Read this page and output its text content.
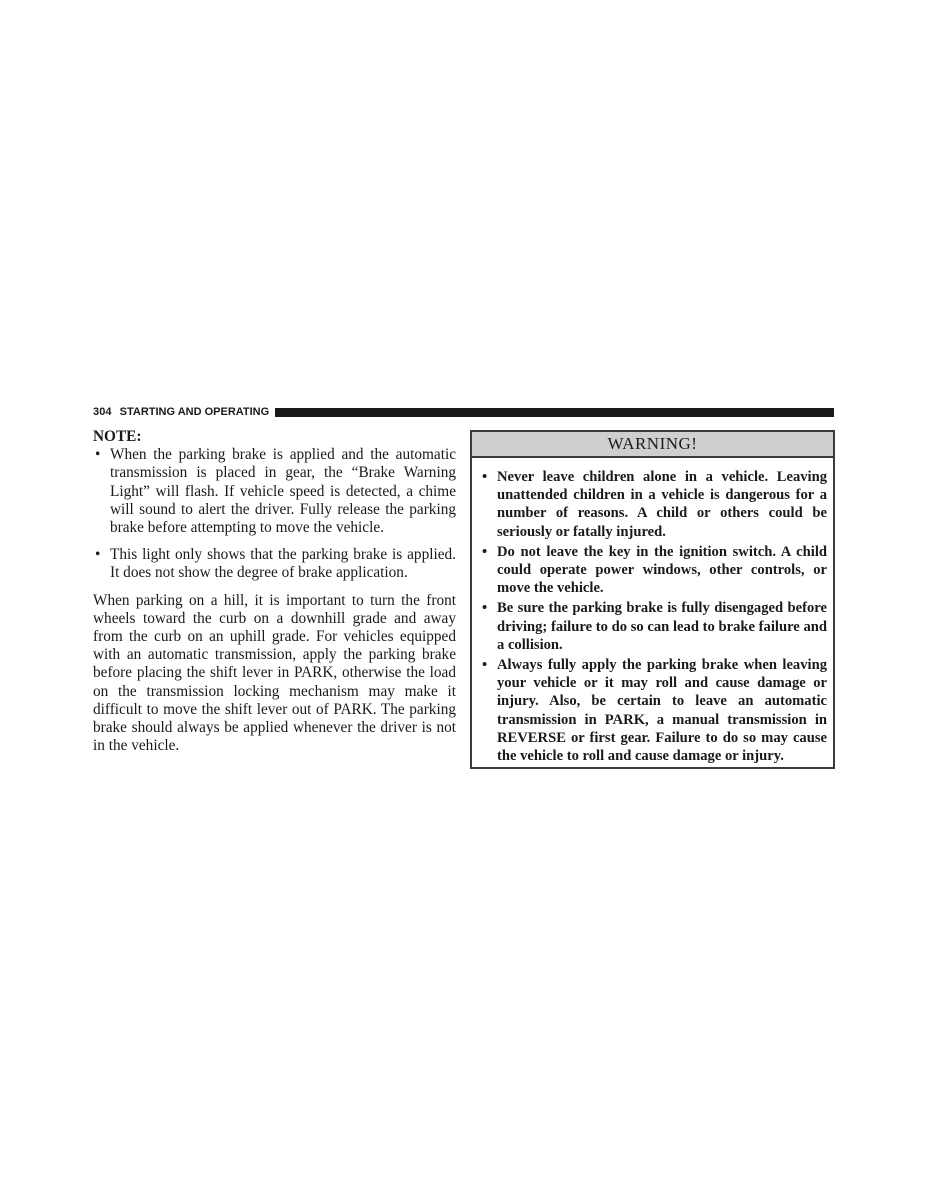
304 STARTING AND OPERATING

NOTE:

• When the parking brake is applied and the automatic transmission is placed in gear, the “Brake Warning Light” will flash. If vehicle speed is detected, a chime will sound to alert the driver. Fully release the parking brake before attempting to move the vehicle.
• This light only shows that the parking brake is applied. It does not show the degree of brake application.

When parking on a hill, it is important to turn the front wheels toward the curb on a downhill grade and away from the curb on an uphill grade. For vehicles equipped with an automatic transmission, apply the parking brake before placing the shift lever in PARK, otherwise the load on the transmission locking mechanism may make it difficult to move the shift lever out of PARK. The parking brake should always be applied whenever the driver is not in the vehicle.

WARNING!
• Never leave children alone in a vehicle. Leaving unattended children in a vehicle is dangerous for a number of reasons. A child or others could be seriously or fatally injured.
• Do not leave the key in the ignition switch. A child could operate power windows, other controls, or move the vehicle.
• Be sure the parking brake is fully disengaged before driving; failure to do so can lead to brake failure and a collision.
• Always fully apply the parking brake when leaving your vehicle or it may roll and cause damage or injury. Also, be certain to leave an automatic transmission in PARK, a manual transmission in REVERSE or first gear. Failure to do so may cause the vehicle to roll and cause damage or injury.
